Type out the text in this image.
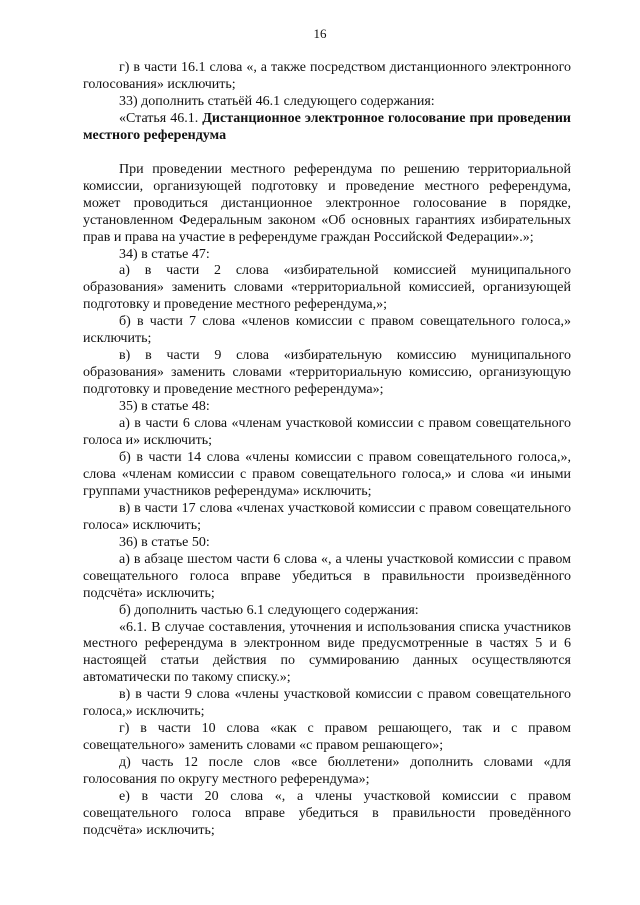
16

г) в части 16.1 слова «, а также посредством дистанционного электронного голосования» исключить;

33) дополнить статьёй 46.1 следующего содержания:

«Статья 46.1. Дистанционное электронное голосование при проведении местного референдума

При проведении местного референдума по решению территориальной комиссии, организующей подготовку и проведение местного референдума, может проводиться дистанционное электронное голосование в порядке, установленном Федеральным законом «Об основных гарантиях избирательных прав и права на участие в референдуме граждан Российской Федерации».»;

34) в статье 47:

а) в части 2 слова «избирательной комиссией муниципального образования» заменить словами «территориальной комиссией, организующей подготовку и проведение местного референдума,»;

б) в части 7 слова «членов комиссии с правом совещательного голоса,» исключить;

в) в части 9 слова «избирательную комиссию муниципального образования» заменить словами «территориальную комиссию, организующую подготовку и проведение местного референдума»;

35) в статье 48:

а) в части 6 слова «членам участковой комиссии с правом совещательного голоса и» исключить;

б) в части 14 слова «члены комиссии с правом совещательного голоса,», слова «членам комиссии с правом совещательного голоса,» и слова «и иными группами участников референдума» исключить;

в) в части 17 слова «членах участковой комиссии с правом совещательного голоса» исключить;

36) в статье 50:

а) в абзаце шестом части 6 слова «, а члены участковой комиссии с правом совещательного голоса вправе убедиться в правильности произведённого подсчёта» исключить;

б) дополнить частью 6.1 следующего содержания:

«6.1. В случае составления, уточнения и использования списка участников местного референдума в электронном виде предусмотренные в частях 5 и 6 настоящей статьи действия по суммированию данных осуществляются автоматически по такому списку.»;

в) в части 9 слова «члены участковой комиссии с правом совещательного голоса,» исключить;

г) в части 10 слова «как с правом решающего, так и с правом совещательного» заменить словами «с правом решающего»;

д) часть 12 после слов «все бюллетени» дополнить словами «для голосования по округу местного референдума»;

е) в части 20 слова «, а члены участковой комиссии с правом совещательного голоса вправе убедиться в правильности проведённого подсчёта» исключить;
